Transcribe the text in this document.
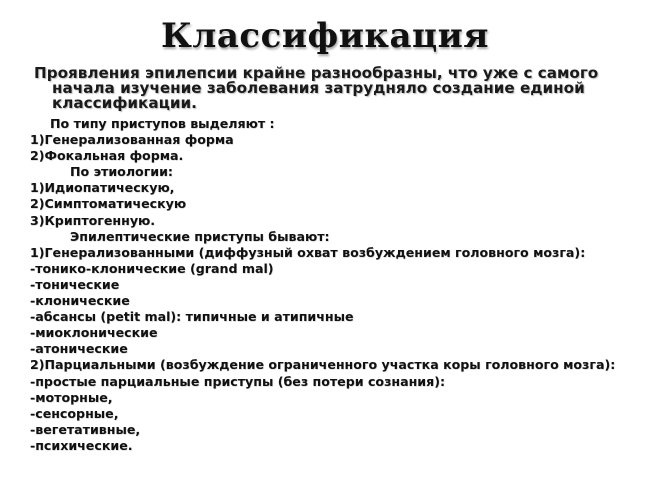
Классификация
Проявления эпилепсии крайне разнообразны, что уже с самого
начала изучение заболевания затрудняло создание единой
классификации.
По типу приступов выделяют :
1)Генерализованная форма
2)Фокальная форма.
По этиологии:
1)Идиопатическую,
2)Симптоматическую
3)Криптогенную.
Эпилептические приступы бывают:
1)Генерализованными (диффузный охват возбуждением головного мозга):
-тонико-клонические (grand mal)
-тонические
-клонические
-абсансы (petit mal): типичные и атипичные
-миоклонические
-атонические
2)Парциальными (возбуждение ограниченного участка коры головного мозга):
-простые парциальные приступы (без потери сознания):
-моторные,
-сенсорные,
-вегетативные,
-психические.
